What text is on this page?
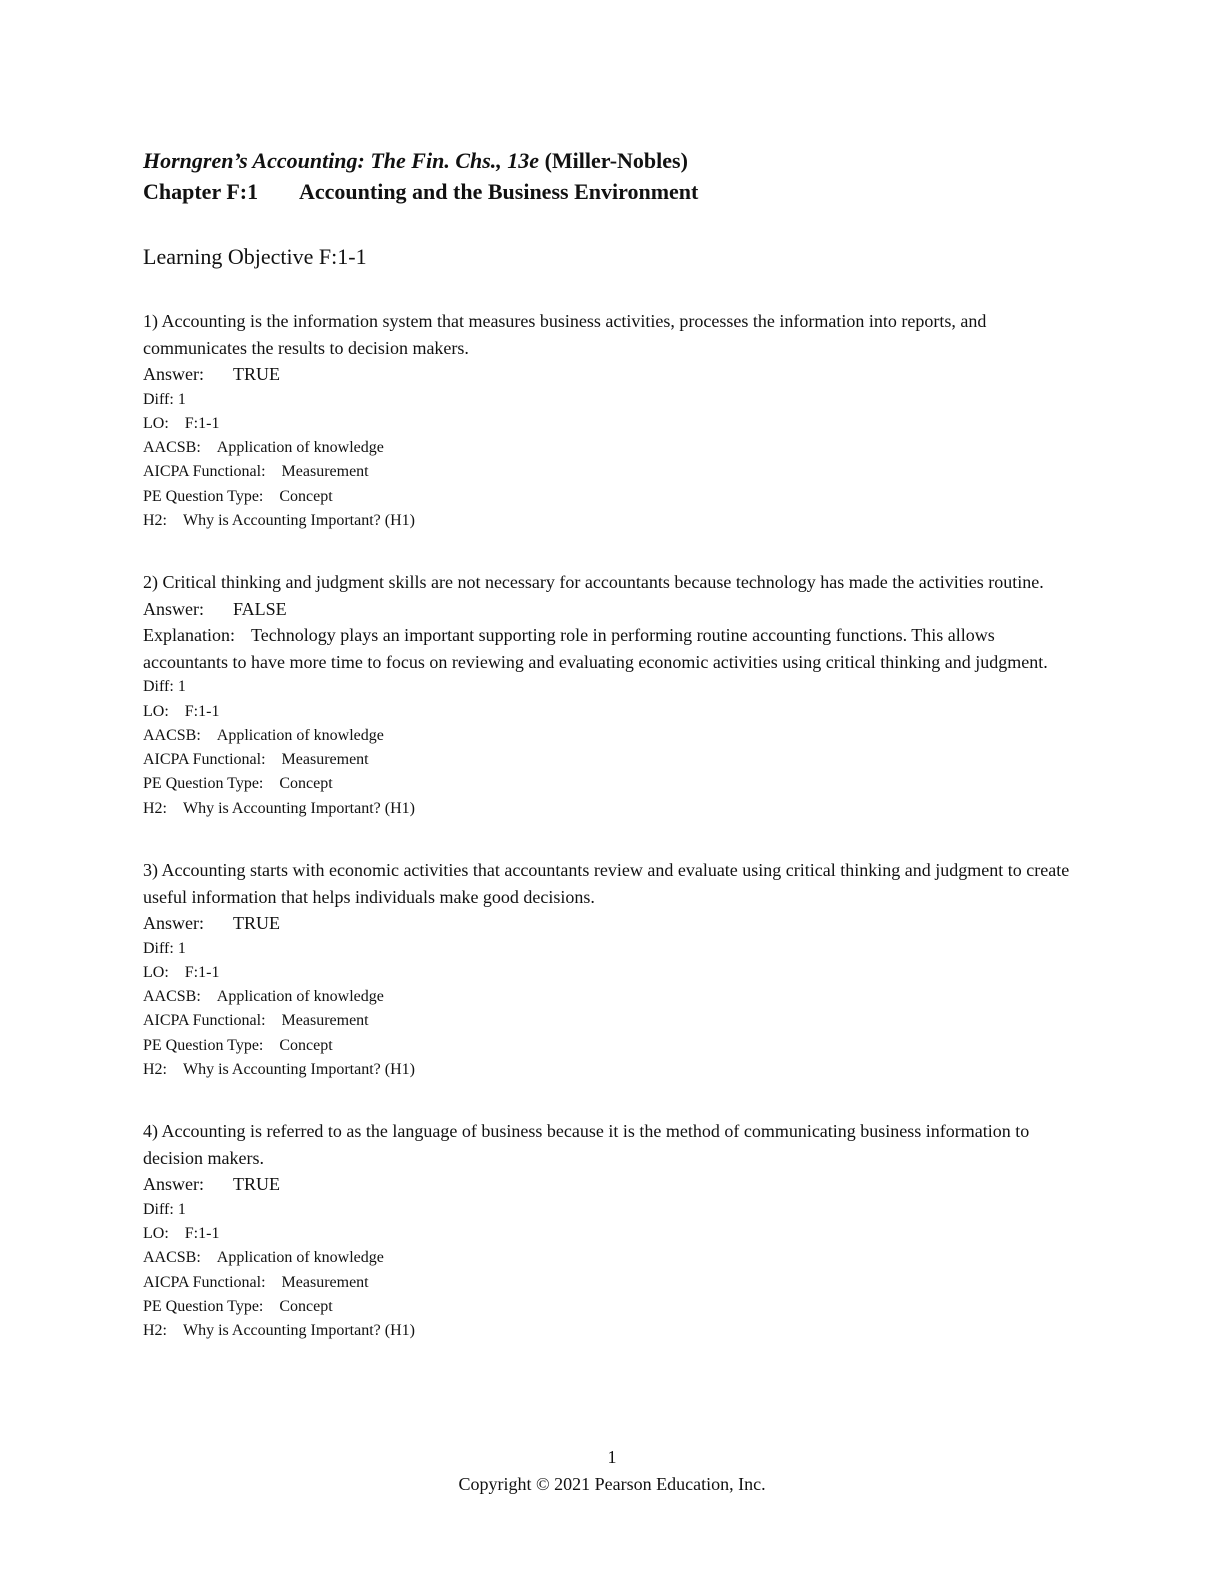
Horngren’s Accounting: The Fin. Chs., 13e (Miller-Nobles)

Chapter F:1 Accounting and the Business Environment

Learning Objective F:1-1

1) Accounting is the information system that measures business activities, processes the information into reports, and communicates the results to decision makers.

Answer: TRUE

Diff: 1

LO: F:1-1

AACSB: Application of knowledge

AICPA Functional: Measurement

PE Question Type: Concept

H2: Why is Accounting Important? (H1)

2) Critical thinking and judgment skills are not necessary for accountants because technology has made the activities routine.

Answer: FALSE

Explanation: Technology plays an important supporting role in performing routine accounting functions. This allows accountants to have more time to focus on reviewing and evaluating economic activities using critical thinking and judgment.

Diff: 1

LO: F:1-1

AACSB: Application of knowledge

AICPA Functional: Measurement

PE Question Type: Concept

H2: Why is Accounting Important? (H1)

3) Accounting starts with economic activities that accountants review and evaluate using critical thinking and judgment to create useful information that helps individuals make good decisions.

Answer: TRUE

Diff: 1

LO: F:1-1

AACSB: Application of knowledge

AICPA Functional: Measurement

PE Question Type: Concept

H2: Why is Accounting Important? (H1)

4) Accounting is referred to as the language of business because it is the method of communicating business information to decision makers.

Answer: TRUE

Diff: 1

LO: F:1-1

AACSB: Application of knowledge

AICPA Functional: Measurement

PE Question Type: Concept

H2: Why is Accounting Important? (H1)

1
Copyright © 2021 Pearson Education, Inc.
